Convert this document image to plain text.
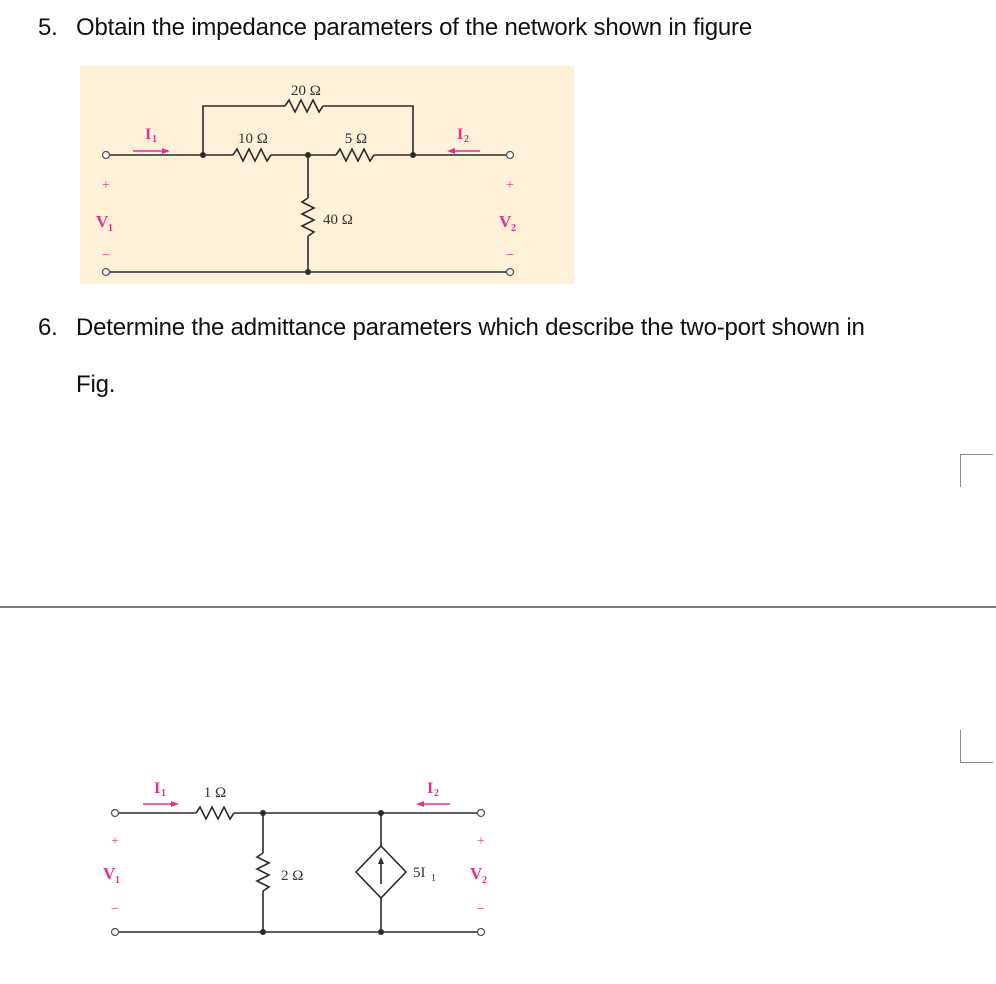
5. Obtain the impedance parameters of the network shown in figure
20 Ω
10 Ω	5 Ω
40 Ω
I 1	I 2
V 1	V 2
+
−
+
−
6. Determine the admittance parameters which describe the two-port shown in
Fig.
1 Ω
2 Ω	5I 1
I 1	I 2
V 1	V 2
+
−
+
−
